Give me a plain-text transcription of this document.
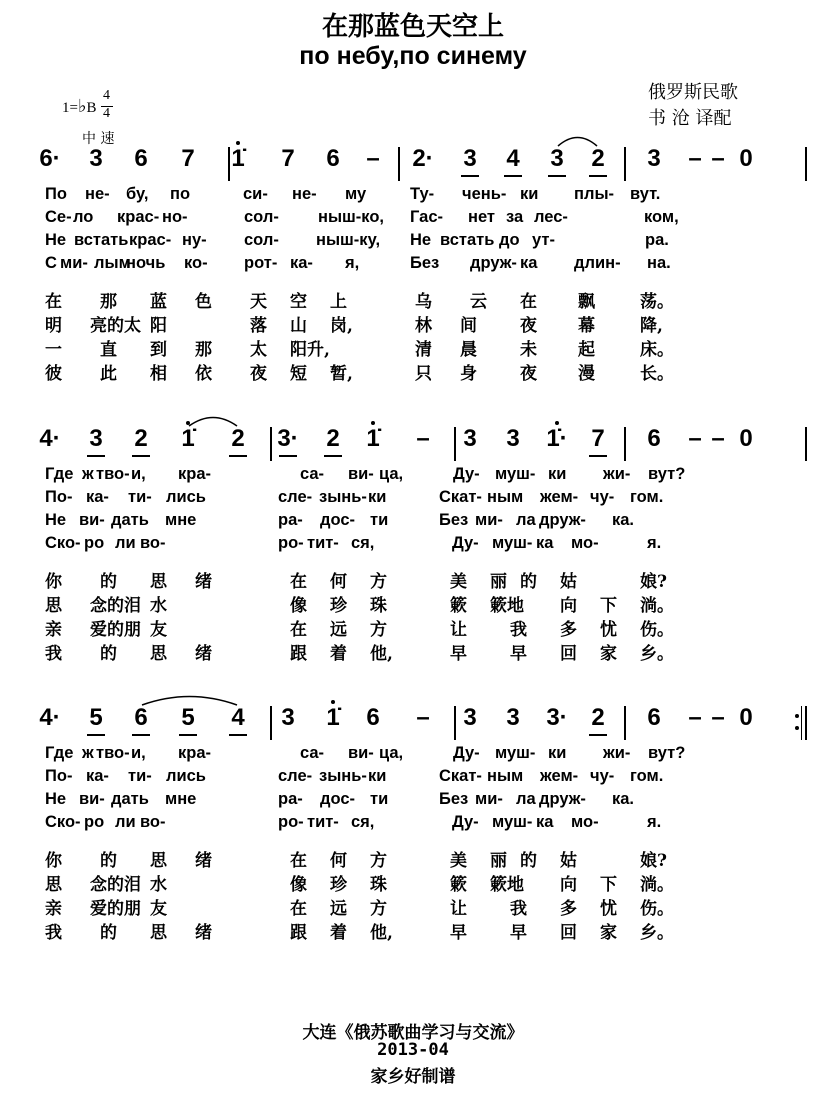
在那蓝色天空上
по небу,по синему
1=♭B
4
4
中 速
俄罗斯民歌
书 沧 译配
6·	3	6	7	1̇	7	6	–	2·	3	4	3	2	3	– – 0
По не- бу, по	си- не- му	Ту- чень- ки плы- вут.
Се- ло крас- но-	сол- ныш-ко, Гас- нет за лес-	ком,
Не встать крас- ну- сол- ныш-ку, Не встать до ут-	ра.
С ми- лым
ночь ко- рот- ка- я,	Без друж- ка длин- на.
在 那 蓝 色 天 空 上	乌 云 在 飘	荡。
明 亮的太 阳	落 山 岗,	林 间	夜 幕	降,
一 直 到 那 太 阳升,	清 晨	未 起	床。
彼 此 相 依 夜 短 暂,	只 身	夜 漫	长。
4·	3	2	1̇	2	3·	2	1̇	–	3	3	1̇· 7	6	– – 0
Где ж тво- и, кра-	са- ви- ца,	Ду- муш- ки жи- вут?
По- ка- ти- лись	сле- зынь- ки	Скат- ным жем- чу- гом.
Не ви- дать мне	ра- дос- ти	Без ми- ла друж- ка.
Ско- ро ли во-	ро- тит- ся,	Ду- муш- ка мо-	я.
你 的 思 绪	在 何 方	美 丽 的 姑	娘?
思 念的泪 水	像 珍 珠	簌 簌地 向 下 淌。
亲 爱的朋 友	在 远 方	让	我 多 忧 伤。
我 的 思 绪	跟 着 他,	早	早 回 家 乡。
4·	5	6	5	4	3	1̇	6	–	3	3	3· 2	6	– – 0
Где ж тво- и, кра-	са- ви- ца,	Ду- муш- ки жи- вут?
По- ка- ти- лись	сле- зынь- ки	Скат- ным жем- чу- гом.
Не ви- дать мне	ра- дос- ти	Без ми- ла друж- ка.
Ско- ро ли во-	ро- тит- ся,	Ду- муш- ка мо-	я.
你 的 思 绪	在 何 方	美 丽 的 姑	娘?
思 念的泪 水	像 珍 珠	簌 簌地 向 下 淌。
亲 爱的朋 友	在 远 方	让	我 多 忧 伤。
我 的 思 绪	跟 着 他,	早	早 回 家 乡。
大连《俄苏歌曲学习与交流》
2013-04
家乡好制谱
